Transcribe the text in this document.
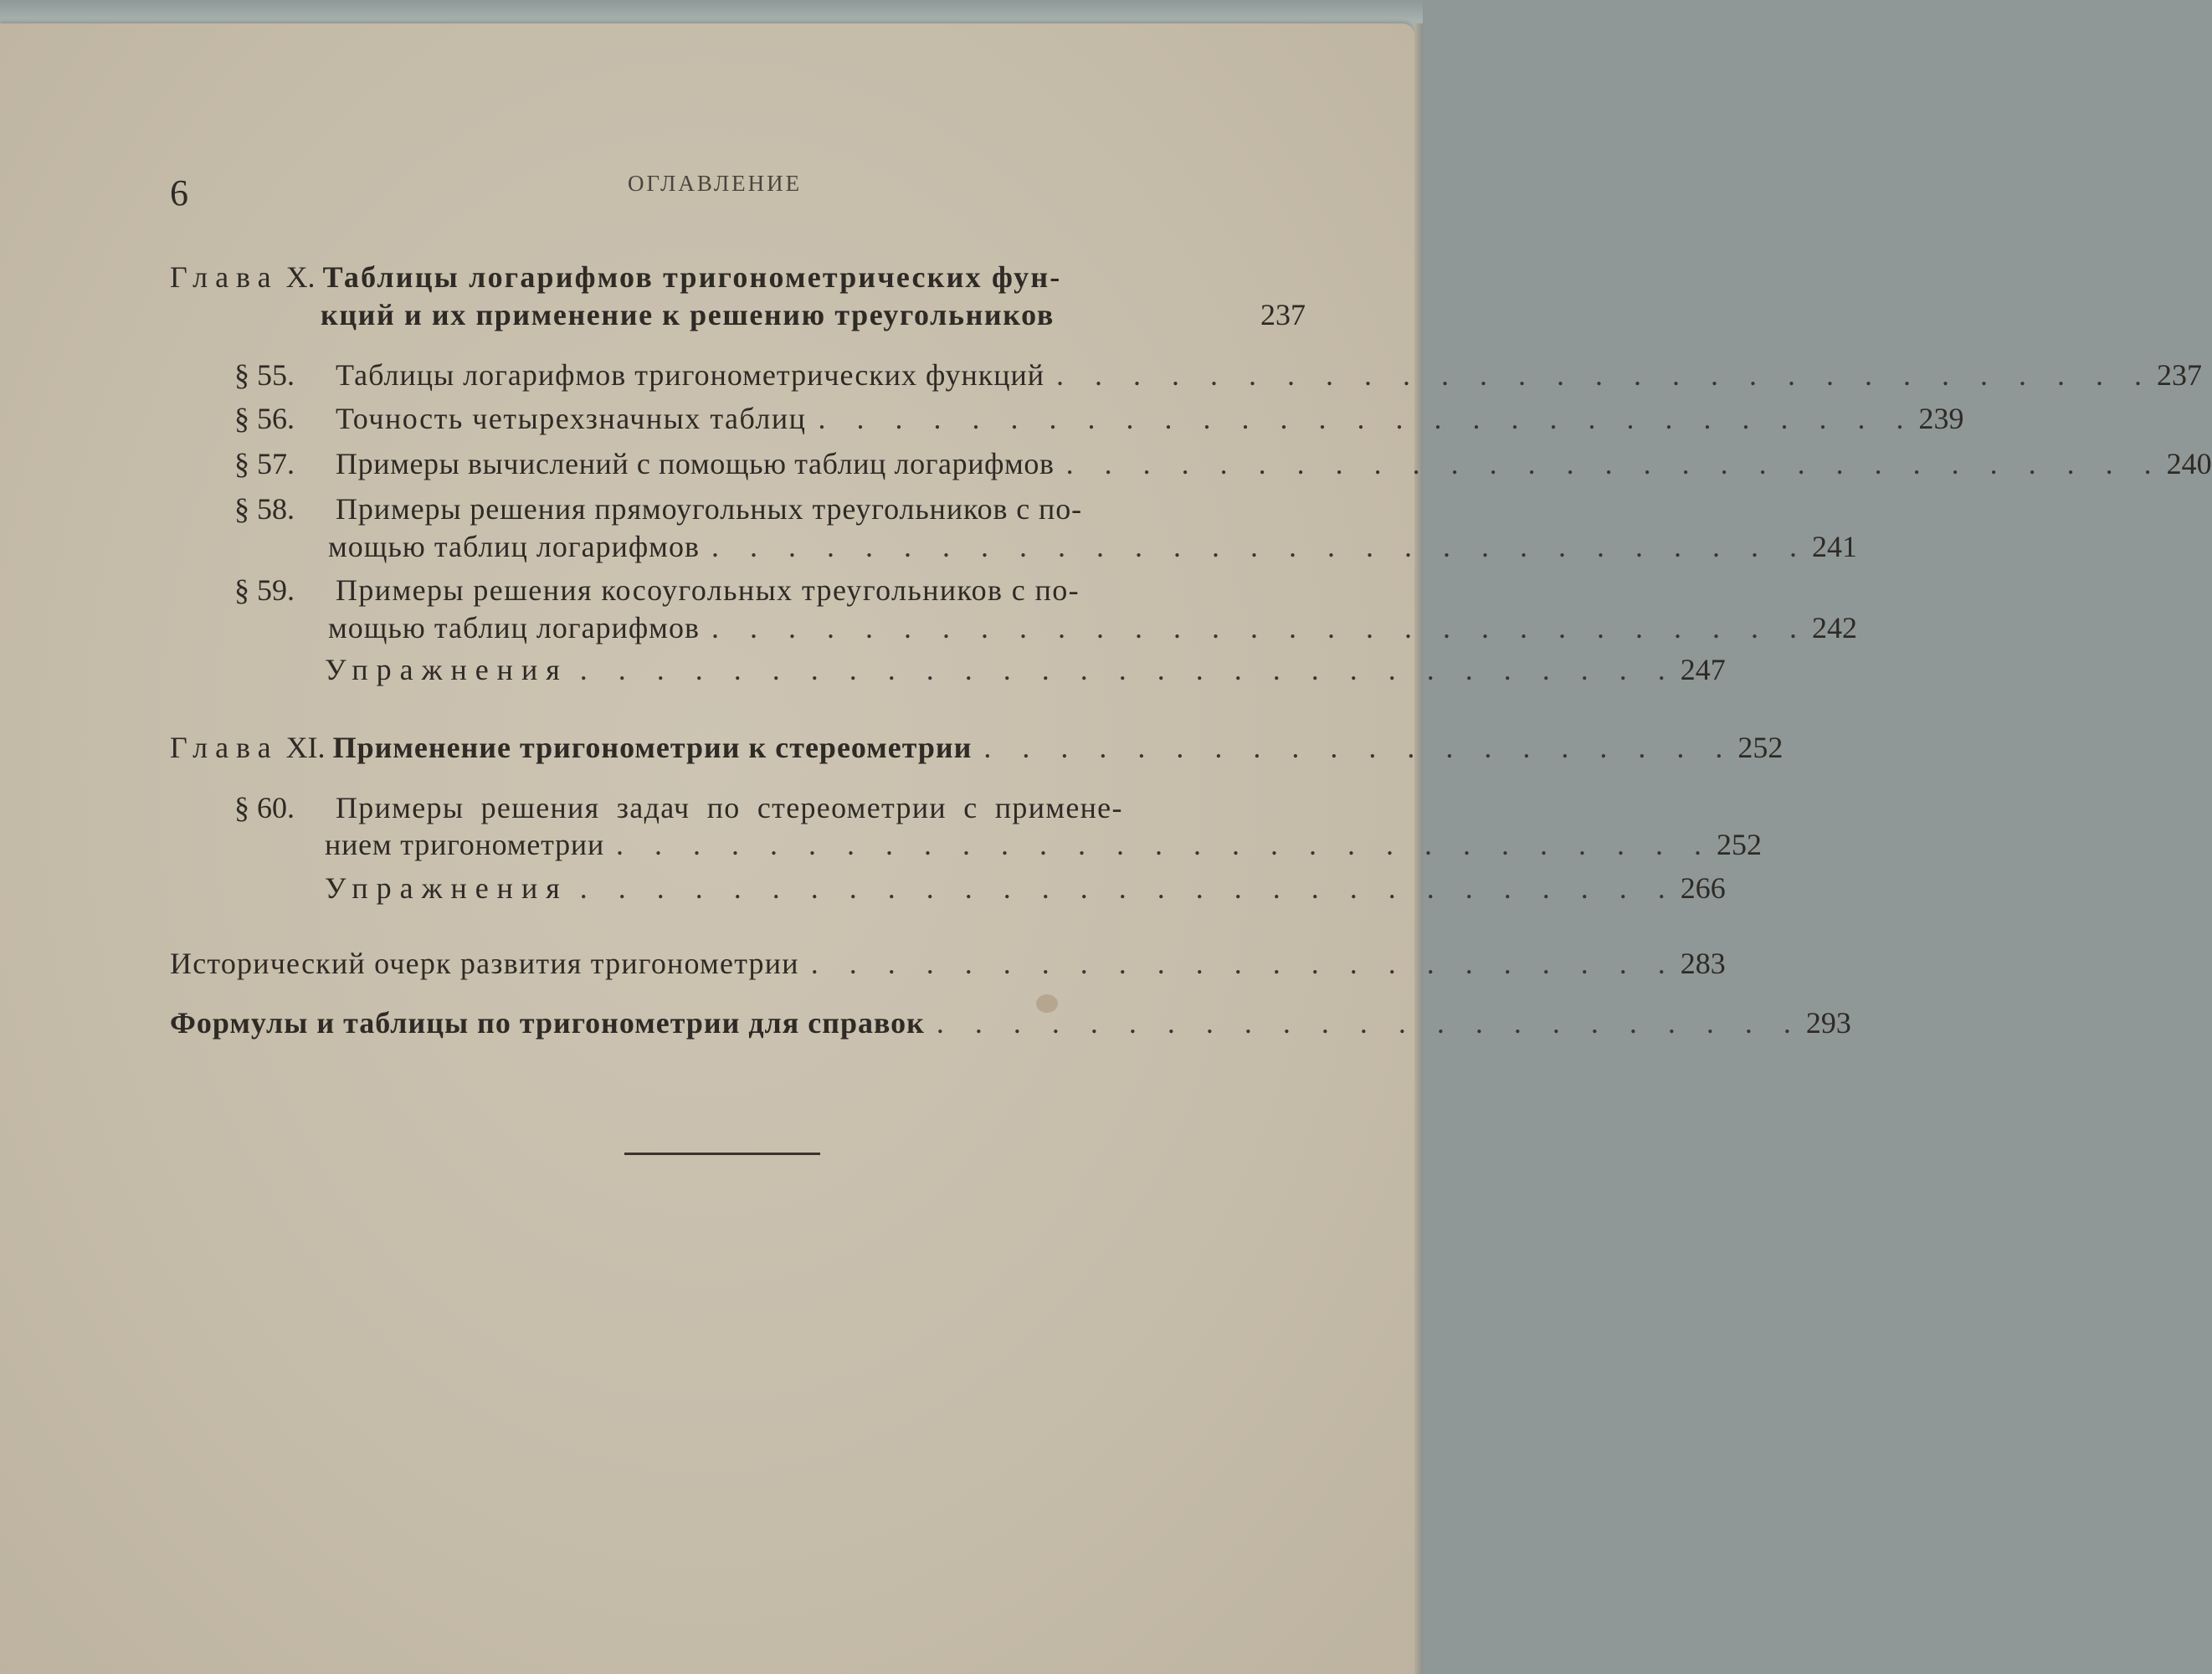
6	ОГЛАВЛЕНИЕ
Глава X. Таблицы логарифмов тригонометрических фун-
кций и их применение к решению треугольников	237
§ 55. Таблицы логарифмов тригонометрических функций . . . . . . . . . . . . . . . . . . . . . . . . . . . . . 237
§ 56. Точность четырехзначных таблиц . . . . . . . . . . . . . . . . . . . . . . . . . . . . . 239
§ 57. Примеры вычислений с помощью таблиц логарифмов . . . . . . . . . . . . . . . . . . . . . . . . . . . . . 240
§ 58. Примеры решения прямоугольных треугольников с по-
мощью таблиц логарифмов . . . . . . . . . . . . . . . . . . . . . . . . . . . . . 241
§ 59. Примеры решения косоугольных треугольников с по-
мощью таблиц логарифмов . . . . . . . . . . . . . . . . . . . . . . . . . . . . . 242
Упражнения . . . . . . . . . . . . . . . . . . . . . . . . . . . . . 247
Глава XI. Применение тригонометрии к стереометрии . . . . . . . . . . . . . . . . . . . . 252
§ 60. Примеры решения задач по стереометрии с примене-
нием тригонометрии . . . . . . . . . . . . . . . . . . . . . . . . . . . . . 252
Упражнения . . . . . . . . . . . . . . . . . . . . . . . . . . . . . 266
Исторический очерк развития тригонометрии . . . . . . . . . . . . . . . . . . . . . . . 283
Формулы и таблицы по тригонометрии для справок . . . . . . . . . . . . . . . . . . . . . . . 293
